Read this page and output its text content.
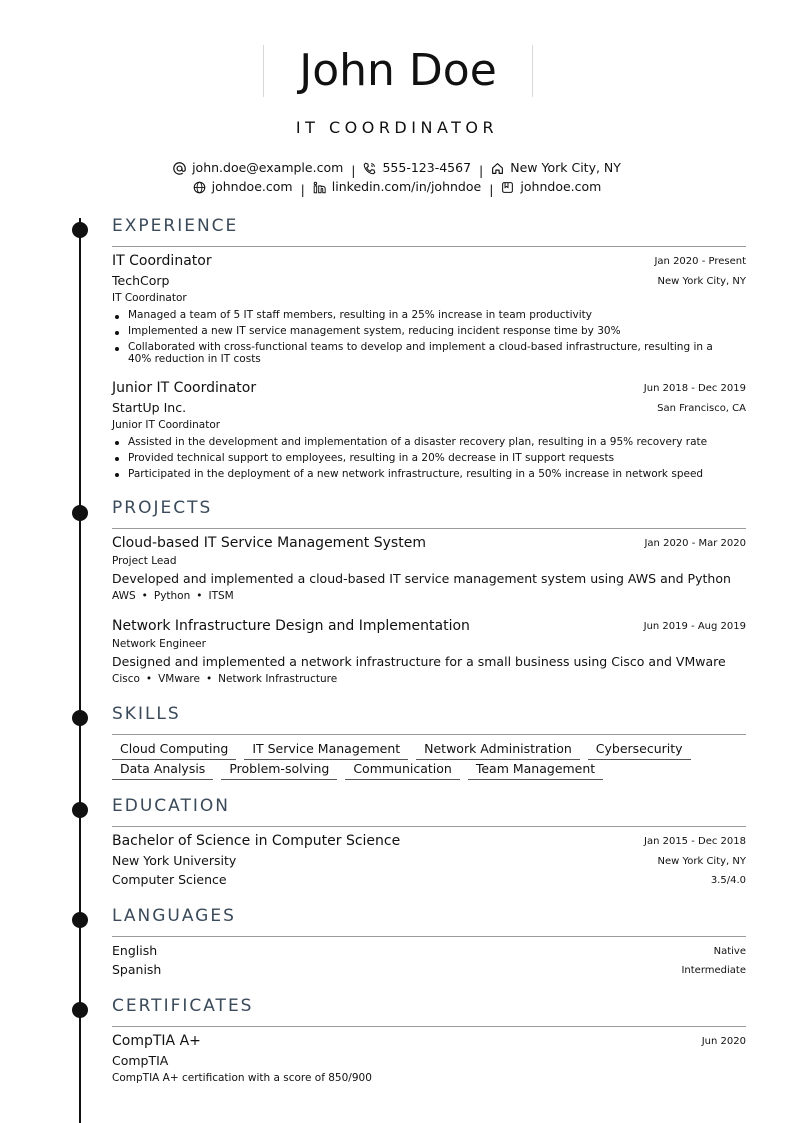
John Doe
IT COORDINATOR
john.doe@example.com | 555-123-4567 | New York City, NY
johndoe.com | linkedin.com/in/johndoe | johndoe.com
EXPERIENCE
IT Coordinator	Jan 2020 - Present
TechCorp	New York City, NY
IT Coordinator
Managed a team of 5 IT staff members, resulting in a 25% increase in team productivity
Implemented a new IT service management system, reducing incident response time by 30%
Collaborated with cross-functional teams to develop and implement a cloud-based infrastructure, resulting in a 40% reduction in IT costs
Junior IT Coordinator	Jun 2018 - Dec 2019
StartUp Inc.	San Francisco, CA
Junior IT Coordinator
Assisted in the development and implementation of a disaster recovery plan, resulting in a 95% recovery rate
Provided technical support to employees, resulting in a 20% decrease in IT support requests
Participated in the deployment of a new network infrastructure, resulting in a 50% increase in network speed
PROJECTS
Cloud-based IT Service Management System	Jan 2020 - Mar 2020
Project Lead
Developed and implemented a cloud-based IT service management system using AWS and Python
AWS • Python • ITSM
Network Infrastructure Design and Implementation	Jun 2019 - Aug 2019
Network Engineer
Designed and implemented a network infrastructure for a small business using Cisco and VMware
Cisco • VMware • Network Infrastructure
SKILLS
Cloud Computing IT Service Management Network Administration Cybersecurity
Data Analysis Problem-solving Communication Team Management
EDUCATION
Bachelor of Science in Computer Science	Jan 2015 - Dec 2018
New York University	New York City, NY
Computer Science	3.5/4.0
LANGUAGES
English	Native
Spanish	Intermediate
CERTIFICATES
CompTIA A+	Jun 2020
CompTIA
CompTIA A+ certification with a score of 850/900
